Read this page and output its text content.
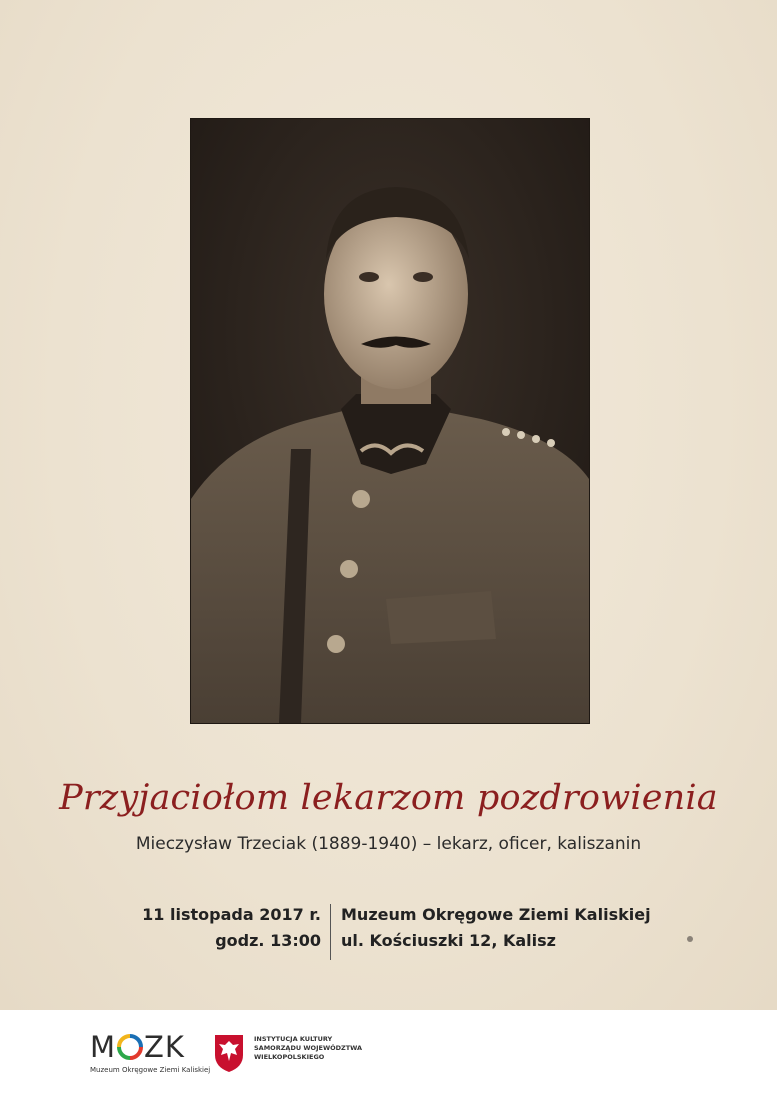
Przyjaciołom lekarzom pozdrowienia
Mieczysław Trzeciak (1889-1940) – lekarz, oficer, kaliszanin
11 listopada 2017 r.
godz. 13:00
Muzeum Okręgowe Ziemi Kaliskiej
ul. Kościuszki 12, Kalisz
M ZK
Muzeum Okręgowe Ziemi Kaliskiej
INSTYTUCJA KULTURY
SAMORZĄDU WOJEWÓDZTWA
WIELKOPOLSKIEGO
